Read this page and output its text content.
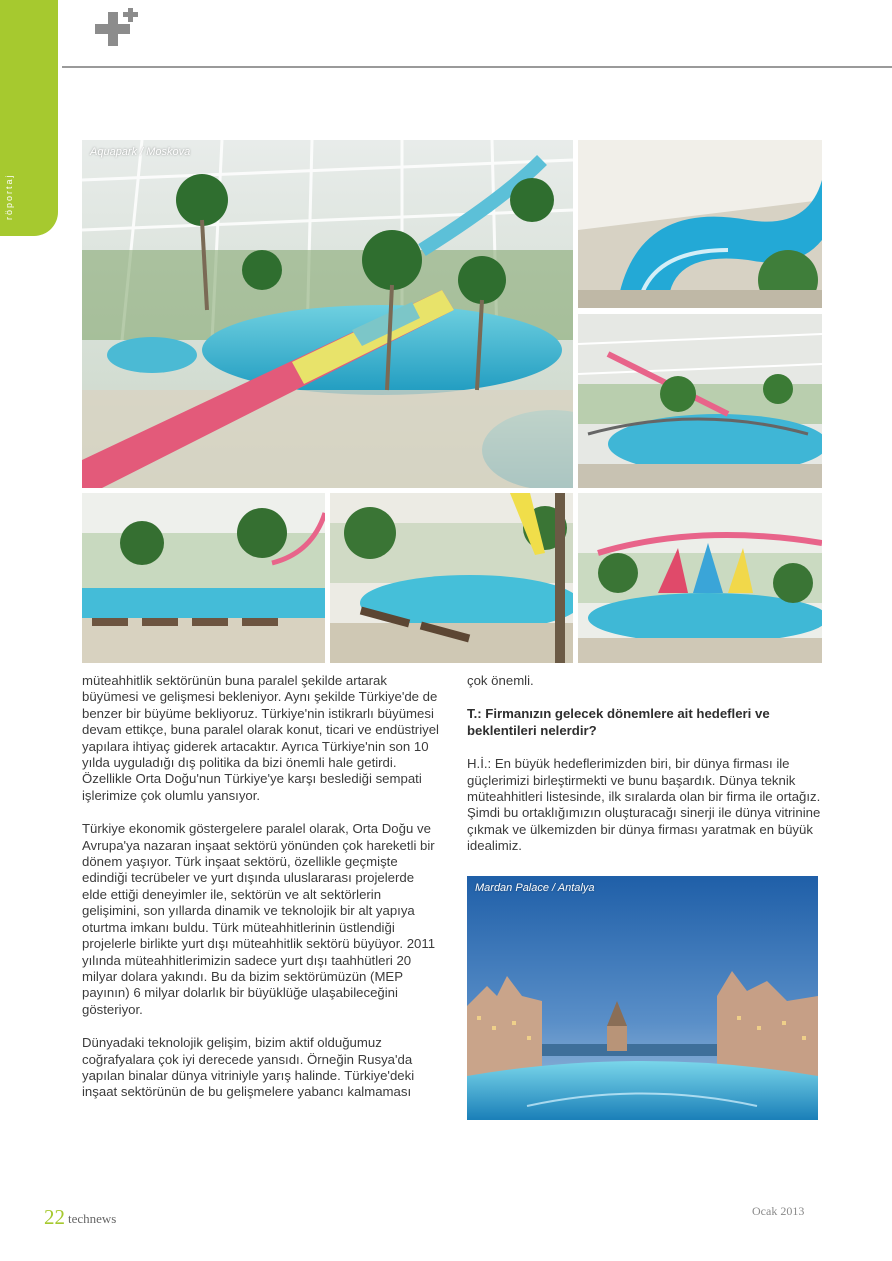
röportaj
Aquapark / Moskova

müteahhitlik sektörünün buna paralel şekilde artarak büyümesi ve gelişmesi bekleniyor. Aynı şekilde Türkiye'de de benzer bir büyüme bekliyoruz. Türkiye'nin istikrarlı büyümesi devam ettikçe, buna paralel olarak konut, ticari ve endüstriyel yapılara ihtiyaç giderek artacaktır. Ayrıca Türkiye'nin son 10 yılda uyguladığı dış politika da bizi önemli hale getirdi. Özellikle Orta Doğu'nun Türkiye'ye karşı beslediği sempati işlerimize çok olumlu yansıyor.

Türkiye ekonomik göstergelere paralel olarak, Orta Doğu ve Avrupa'ya nazaran inşaat sektörü yönünden çok hareketli bir dönem yaşıyor. Türk inşaat sektörü, özellikle geçmişte edindiği tecrübeler ve yurt dışında uluslararası projelerde elde ettiği deneyimler ile, sektörün ve alt sektörlerin gelişimini, son yıllarda dinamik ve teknolojik bir alt yapıya oturtma imkanı buldu. Türk müteahhitlerinin üstlendiği projelerle birlikte yurt dışı müteahhitlik sektörü büyüyor. 2011 yılında müteahhitlerimizin sadece yurt dışı taahhütleri 20 milyar dolara yakındı. Bu da bizim sektörümüzün (MEP payının) 6 milyar dolarlık bir büyüklüğe ulaşabileceğini gösteriyor.

Dünyadaki teknolojik gelişim, bizim aktif olduğumuz coğrafyalara çok iyi derecede yansıdı. Örneğin Rusya'da yapılan binalar dünya vitriniyle yarış halinde. Türkiye'deki inşaat sektörünün de bu gelişmelere yabancı kalmaması

çok önemli.

T.: Firmanızın gelecek dönemlere ait hedefleri ve beklentileri nelerdir?

H.İ.: En büyük hedeflerimizden biri, bir dünya firması ile güçlerimizi birleştirmekti ve bunu başardık. Dünya teknik müteahhitleri listesinde, ilk sıralarda olan bir firma ile ortağız. Şimdi bu ortaklığımızın oluşturacağı sinerji ile dünya vitrinine çıkmak ve ülkemizden bir dünya firması yaratmak en büyük idealimiz.

Mardan Palace / Antalya
22 technews	Ocak 2013
